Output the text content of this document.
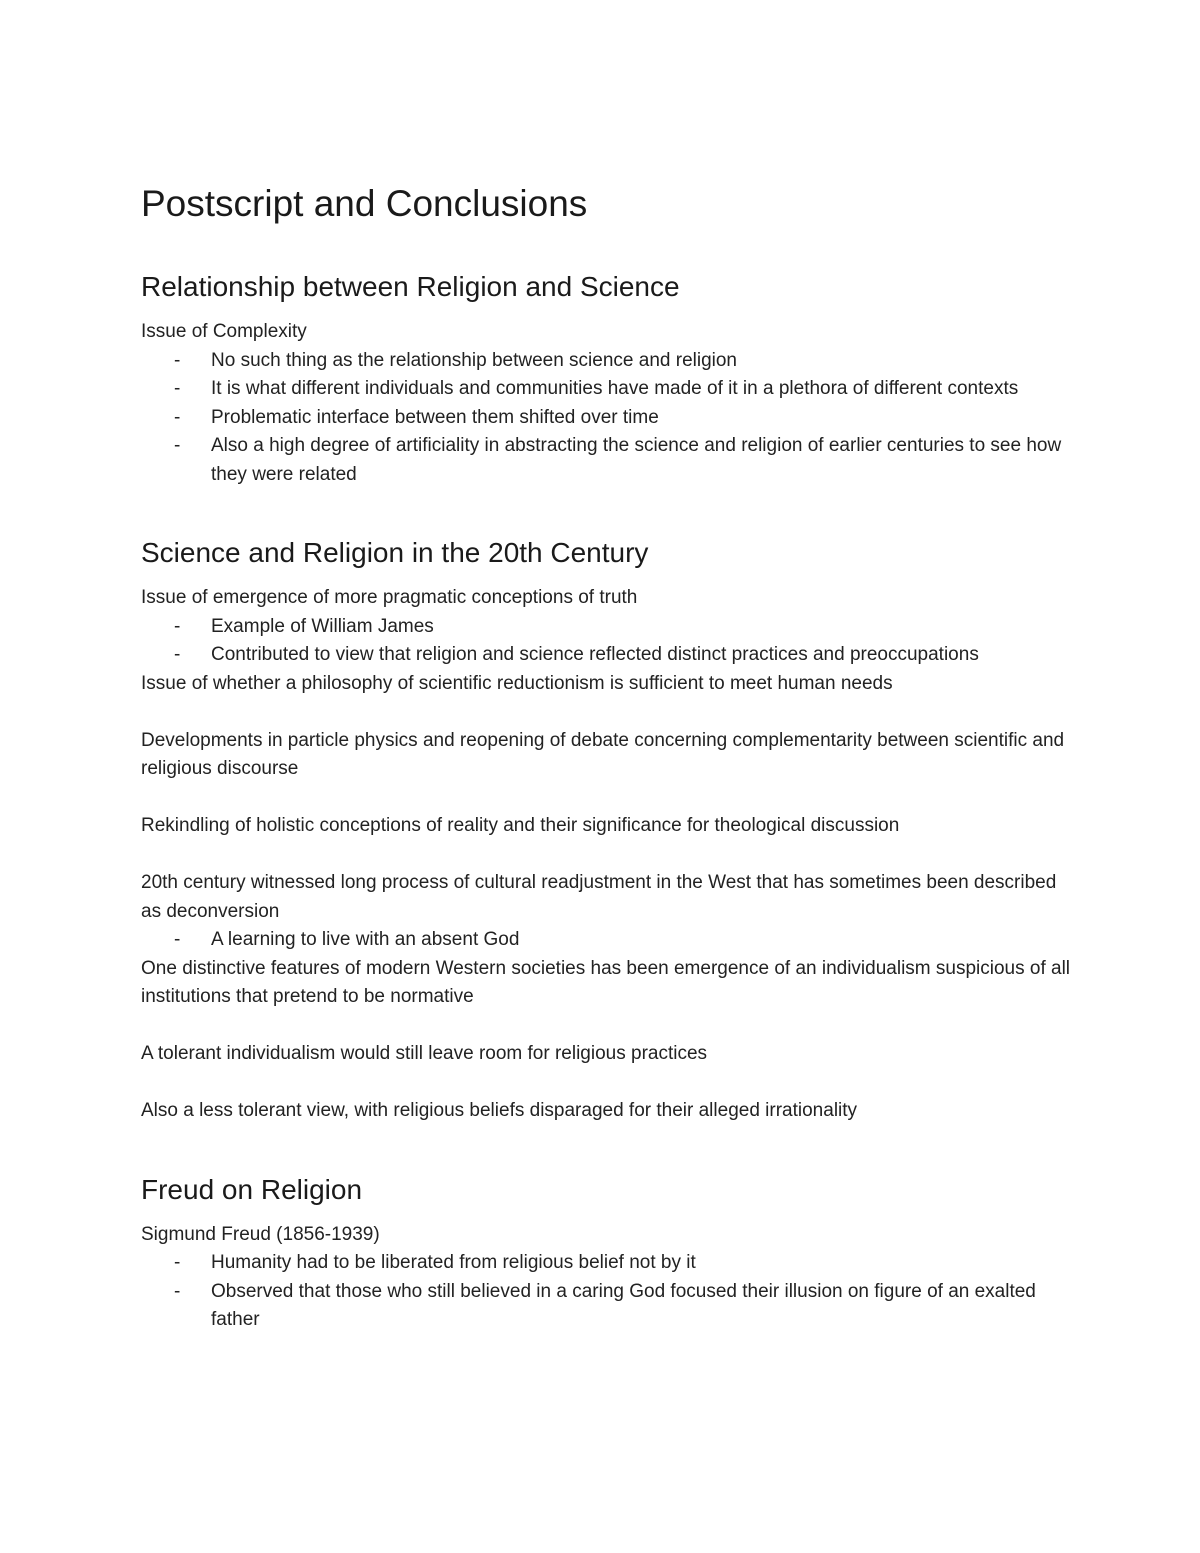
Postscript and Conclusions
Relationship between Religion and Science

Issue of Complexity

- No such thing as the relationship between science and religion
- It is what different individuals and communities have made of it in a plethora of different contexts
- Problematic interface between them shifted over time
- Also a high degree of artificiality in abstracting the science and religion of earlier centuries to see how they were related
Science and Religion in the 20th Century

Issue of emergence of more pragmatic conceptions of truth

- Example of William James
- Contributed to view that religion and science reflected distinct practices and preoccupations

Issue of whether a philosophy of scientific reductionism is sufficient to meet human needs

Developments in particle physics and reopening of debate concerning complementarity between scientific and religious discourse

Rekindling of holistic conceptions of reality and their significance for theological discussion

20th century witnessed long process of cultural readjustment in the West that has sometimes been described as deconversion

- A learning to live with an absent God

One distinctive features of modern Western societies has been emergence of an individualism suspicious of all institutions that pretend to be normative

A tolerant individualism would still leave room for religious practices

Also a less tolerant view, with religious beliefs disparaged for their alleged irrationality

Freud on Religion

Sigmund Freud (1856-1939)

- Humanity had to be liberated from religious belief not by it
- Observed that those who still believed in a caring God focused their illusion on figure of an exalted father
